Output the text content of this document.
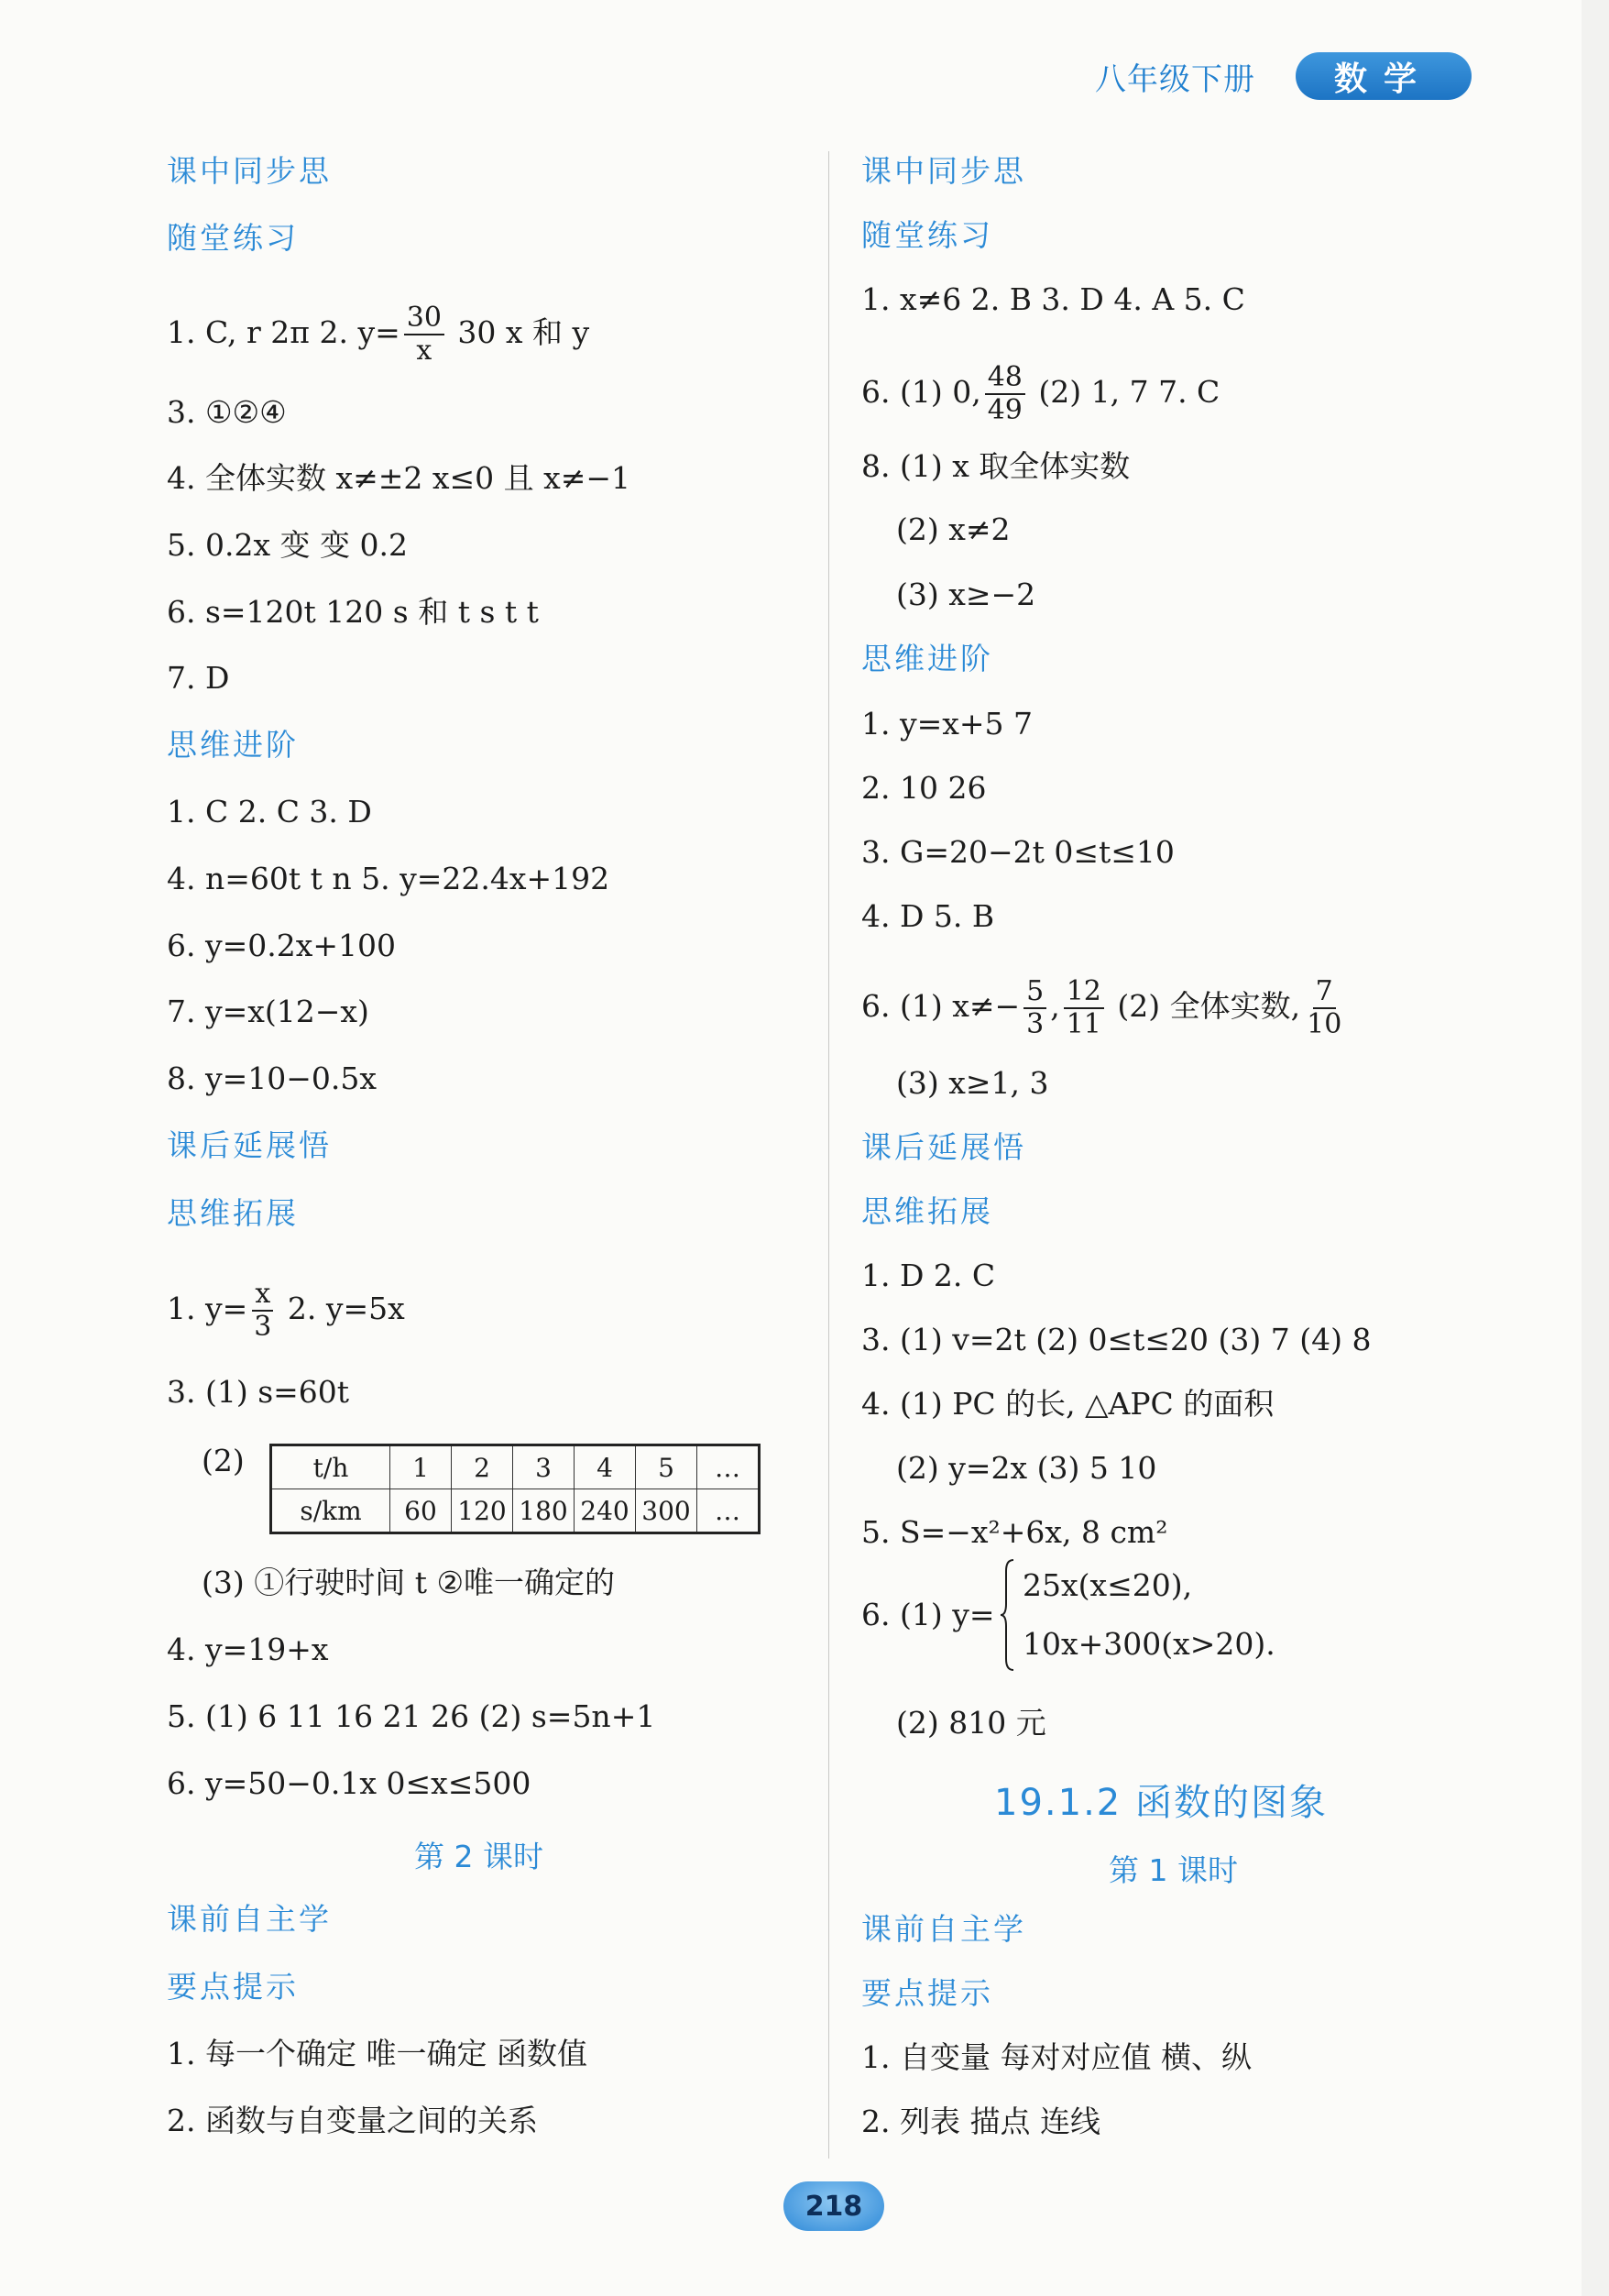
八年级下册	数学
课中同步思
随堂练习
1. C, r 2π 2. $y= \frac{30}{x} 30$ x 和 y
3. ①②④
4. 全体实数 x≠±2 x≤0 且 x≠−1
5. 0.2x 变 变 0.2
6. s=120t 120 s 和 t s t t
7. D
思维进阶
1. C 2. C 3. D
4. n=60t t n 5. y=22.4x+192
6. y=0.2x+100
7. y=x(12−x)
8. y=10−0.5x
课后延展悟
思维拓展
1. $y= \frac{x}{3} 2$. y=5x
3. (1) s=60t
(2)	t/h	1	2	3	4	5	…
s/km	60	120	180	240	300	…
(3) ①行驶时间 t ②唯一确定的
4. y=19+x
5. (1) 6 11 16 21 26 (2) s=5n+1
6. y=50−0.1x 0≤x≤500
第 2 课时
课前自主学
要点提示
1. 每一个确定 唯一确定 函数值
2. 函数与自变量之间的关系
课中同步思
随堂练习
1. x≠6 2. B 3. D 4. A 5. C
6. (1) 0, $\frac{48}{49} (2)$ 1, 7 7. C
8. (1) x 取全体实数
(2) x≠2
(3) x≥−2
思维进阶
1. y=x+5 7
2. 10 26
3. G=20−2t 0≤t≤10
4. D 5. B
6. (1) $x\ne- \frac{5}{3}$ , $\frac{12}{11} (2)$ 全体实数, $\frac{7}{10}$
(3) x≥1, 3
课后延展悟
思维拓展
1. D 2. C
3. (1) v=2t (2) 0≤t≤20 (3) 7 (4) 8
4. (1) PC 的长, △APC 的面积
(2) y=2x (3) 5 10
5. S=−x²+6x, 8 cm²
6. (1) y=
25x(x≤20),
10x+300(x>20).
(2) 810 元
19.1.2 函数的图象
第 1 课时
课前自主学
要点提示
1. 自变量 每对对应值 横、纵
2. 列表 描点 连线
218
